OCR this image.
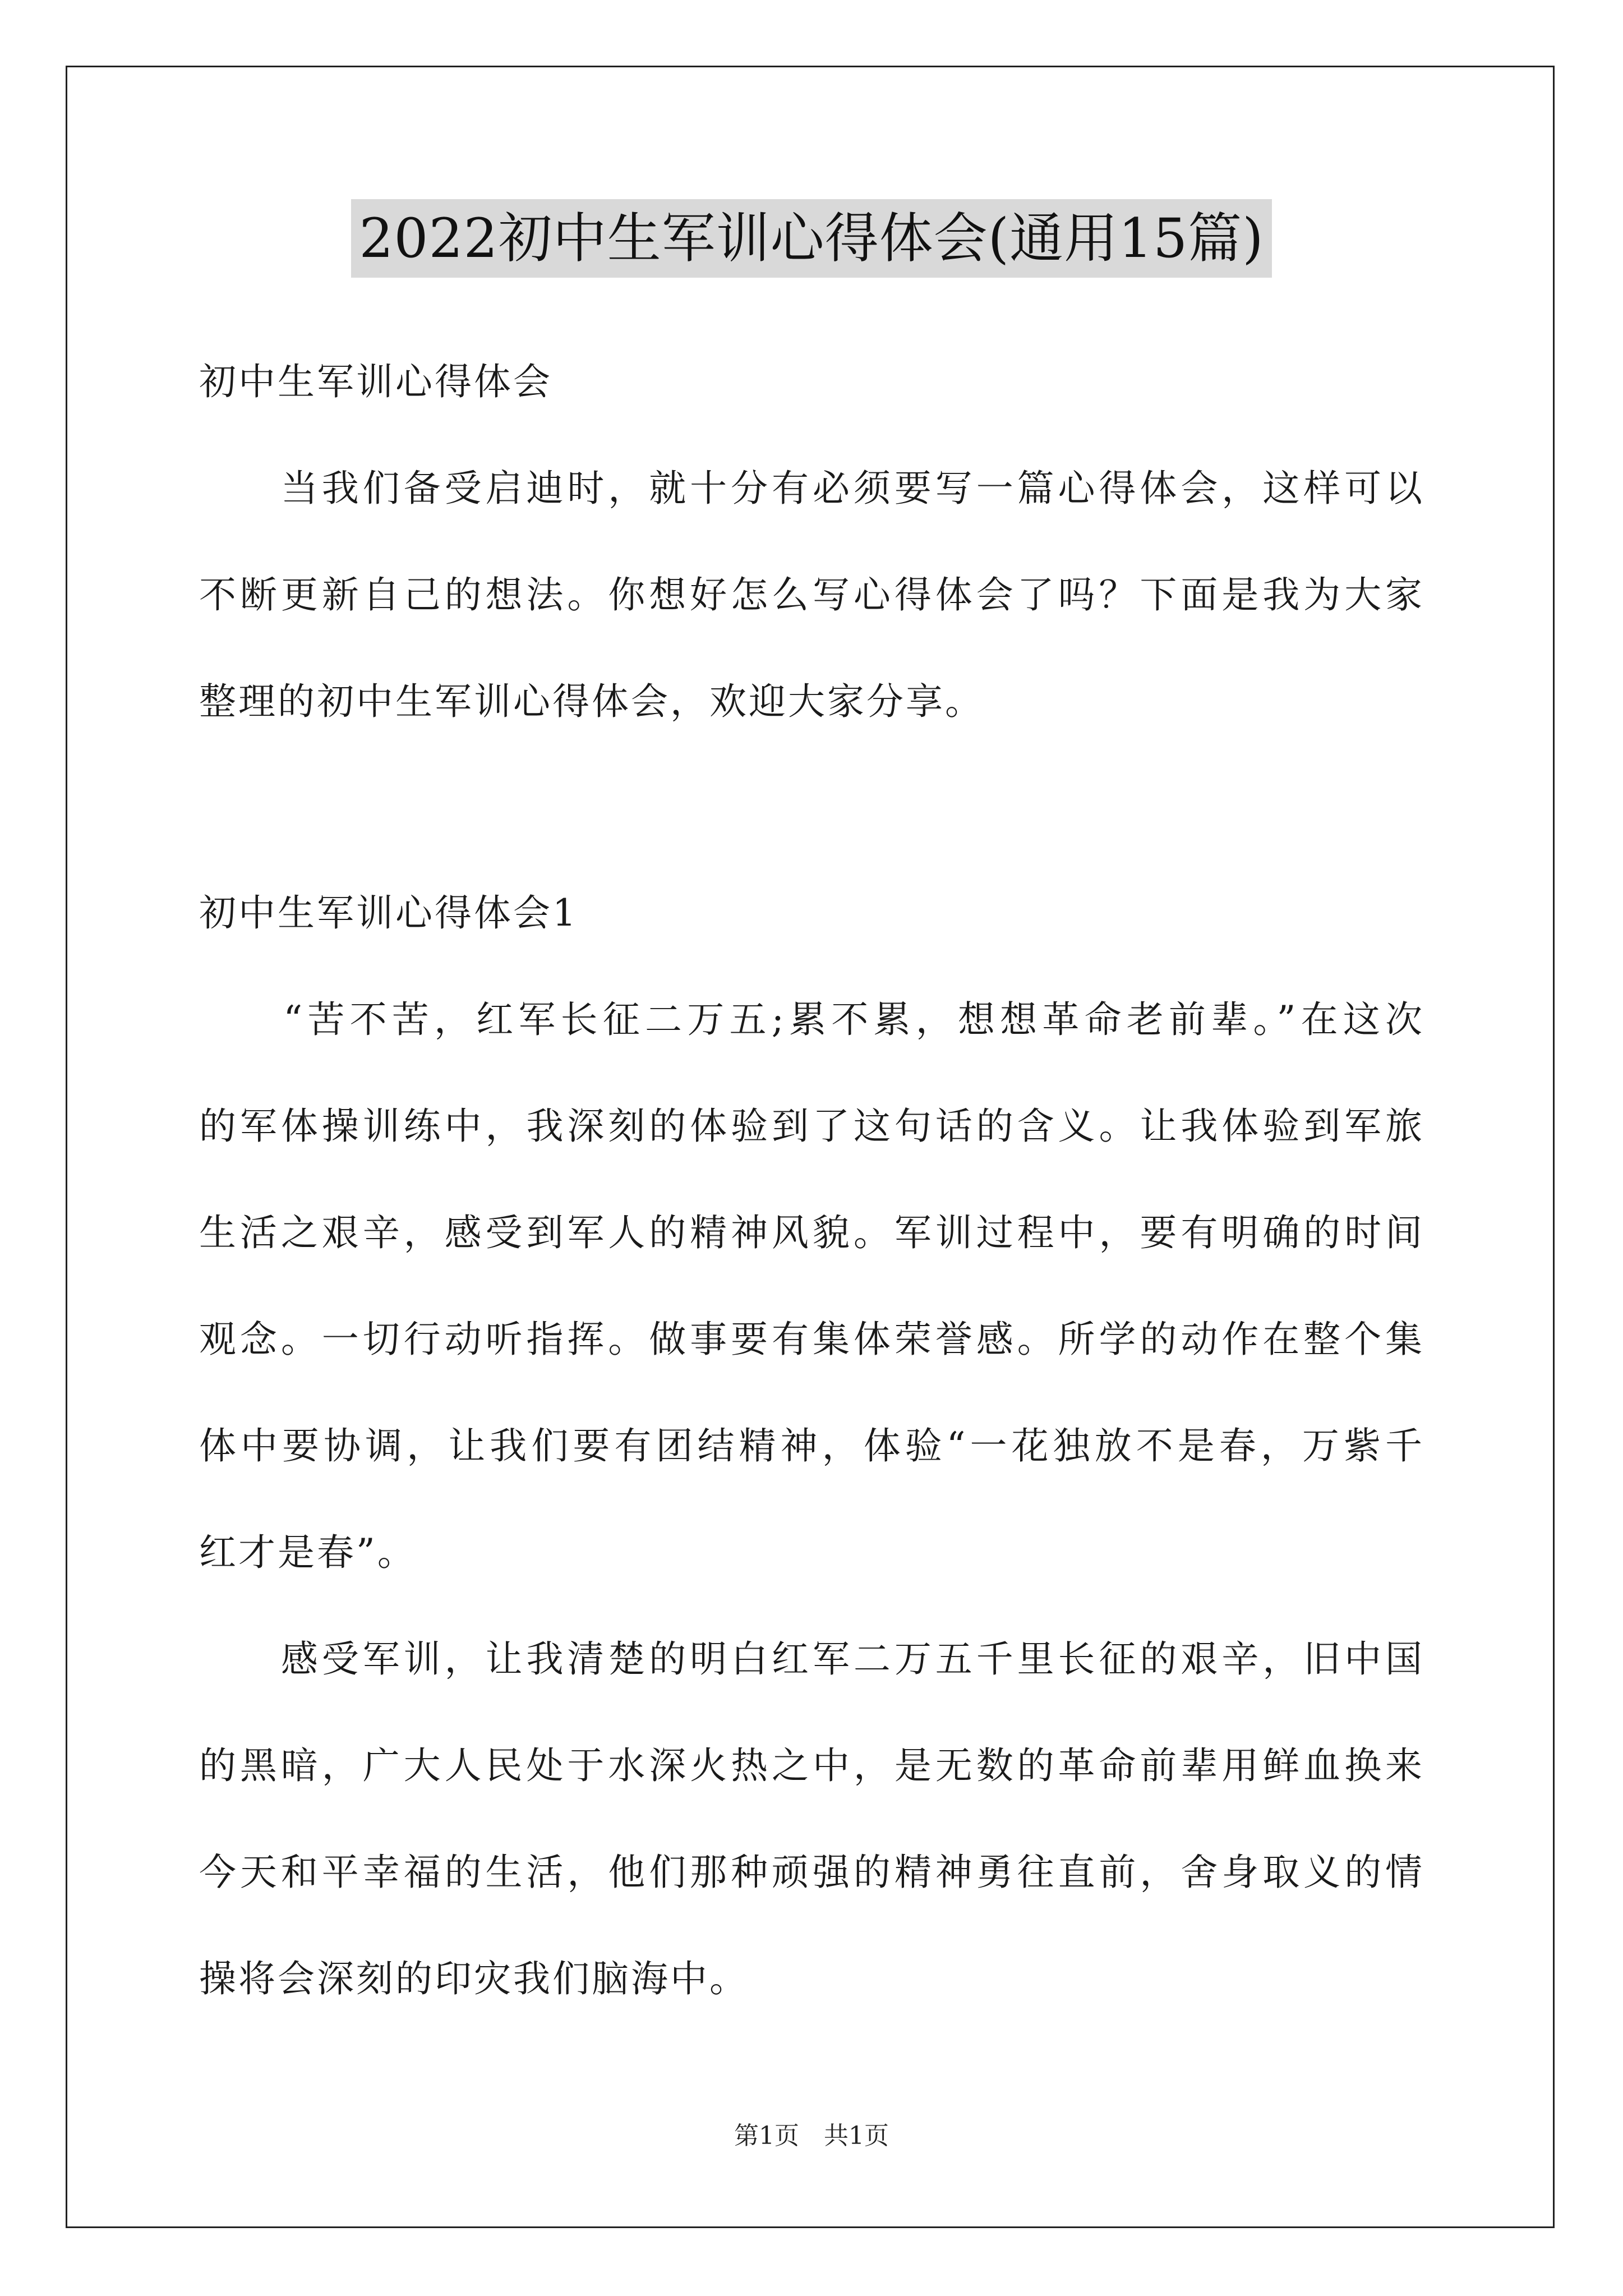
2022初中生军训心得体会(通用15篇)
初中生军训心得体会
　　当我们备受启迪时，就十分有必须要写一篇心得体会，这样可以
不断更新自己的想法。你想好怎么写心得体会了吗？下面是我为大家
整理的初中生军训心得体会，欢迎大家分享。
初中生军训心得体会1
　　“苦不苦，红军长征二万五;累不累，想想革命老前辈。”在这次
的军体操训练中，我深刻的体验到了这句话的含义。让我体验到军旅
生活之艰辛，感受到军人的精神风貌。军训过程中，要有明确的时间
观念。一切行动听指挥。做事要有集体荣誉感。所学的动作在整个集
体中要协调，让我们要有团结精神，体验“一花独放不是春，万紫千
红才是春”。
　　感受军训，让我清楚的明白红军二万五千里长征的艰辛，旧中国
的黑暗，广大人民处于水深火热之中，是无数的革命前辈用鲜血换来
今天和平幸福的生活，他们那种顽强的精神勇往直前，舍身取义的情
操将会深刻的印灾我们脑海中。
第1页　共1页
